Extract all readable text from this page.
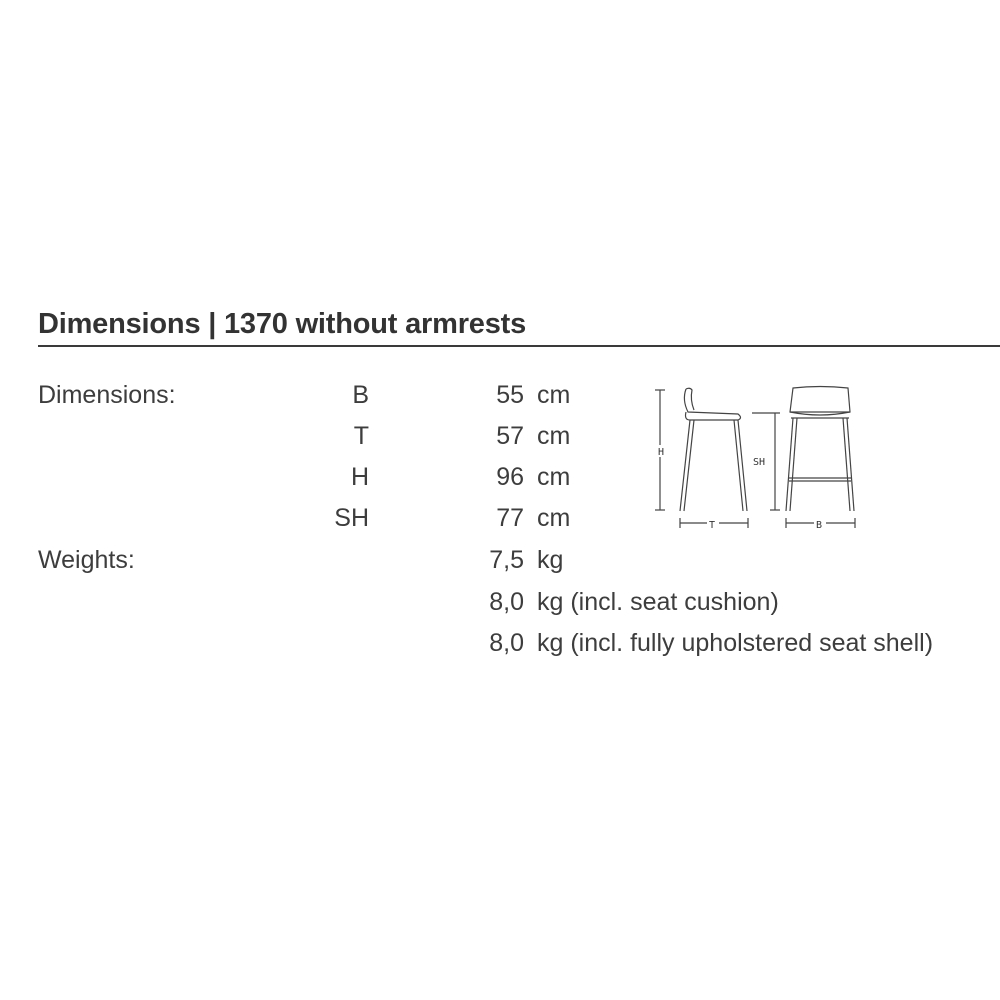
Dimensions | 1370 without armrests
Dimensions:	B	55 cm
T	57 cm
H	96 cm
SH	77 cm
Weights:	7,5 kg
8,0 kg (incl. seat cushion)
8,0 kg (incl. fully upholstered seat shell)
H
SH
T	B
